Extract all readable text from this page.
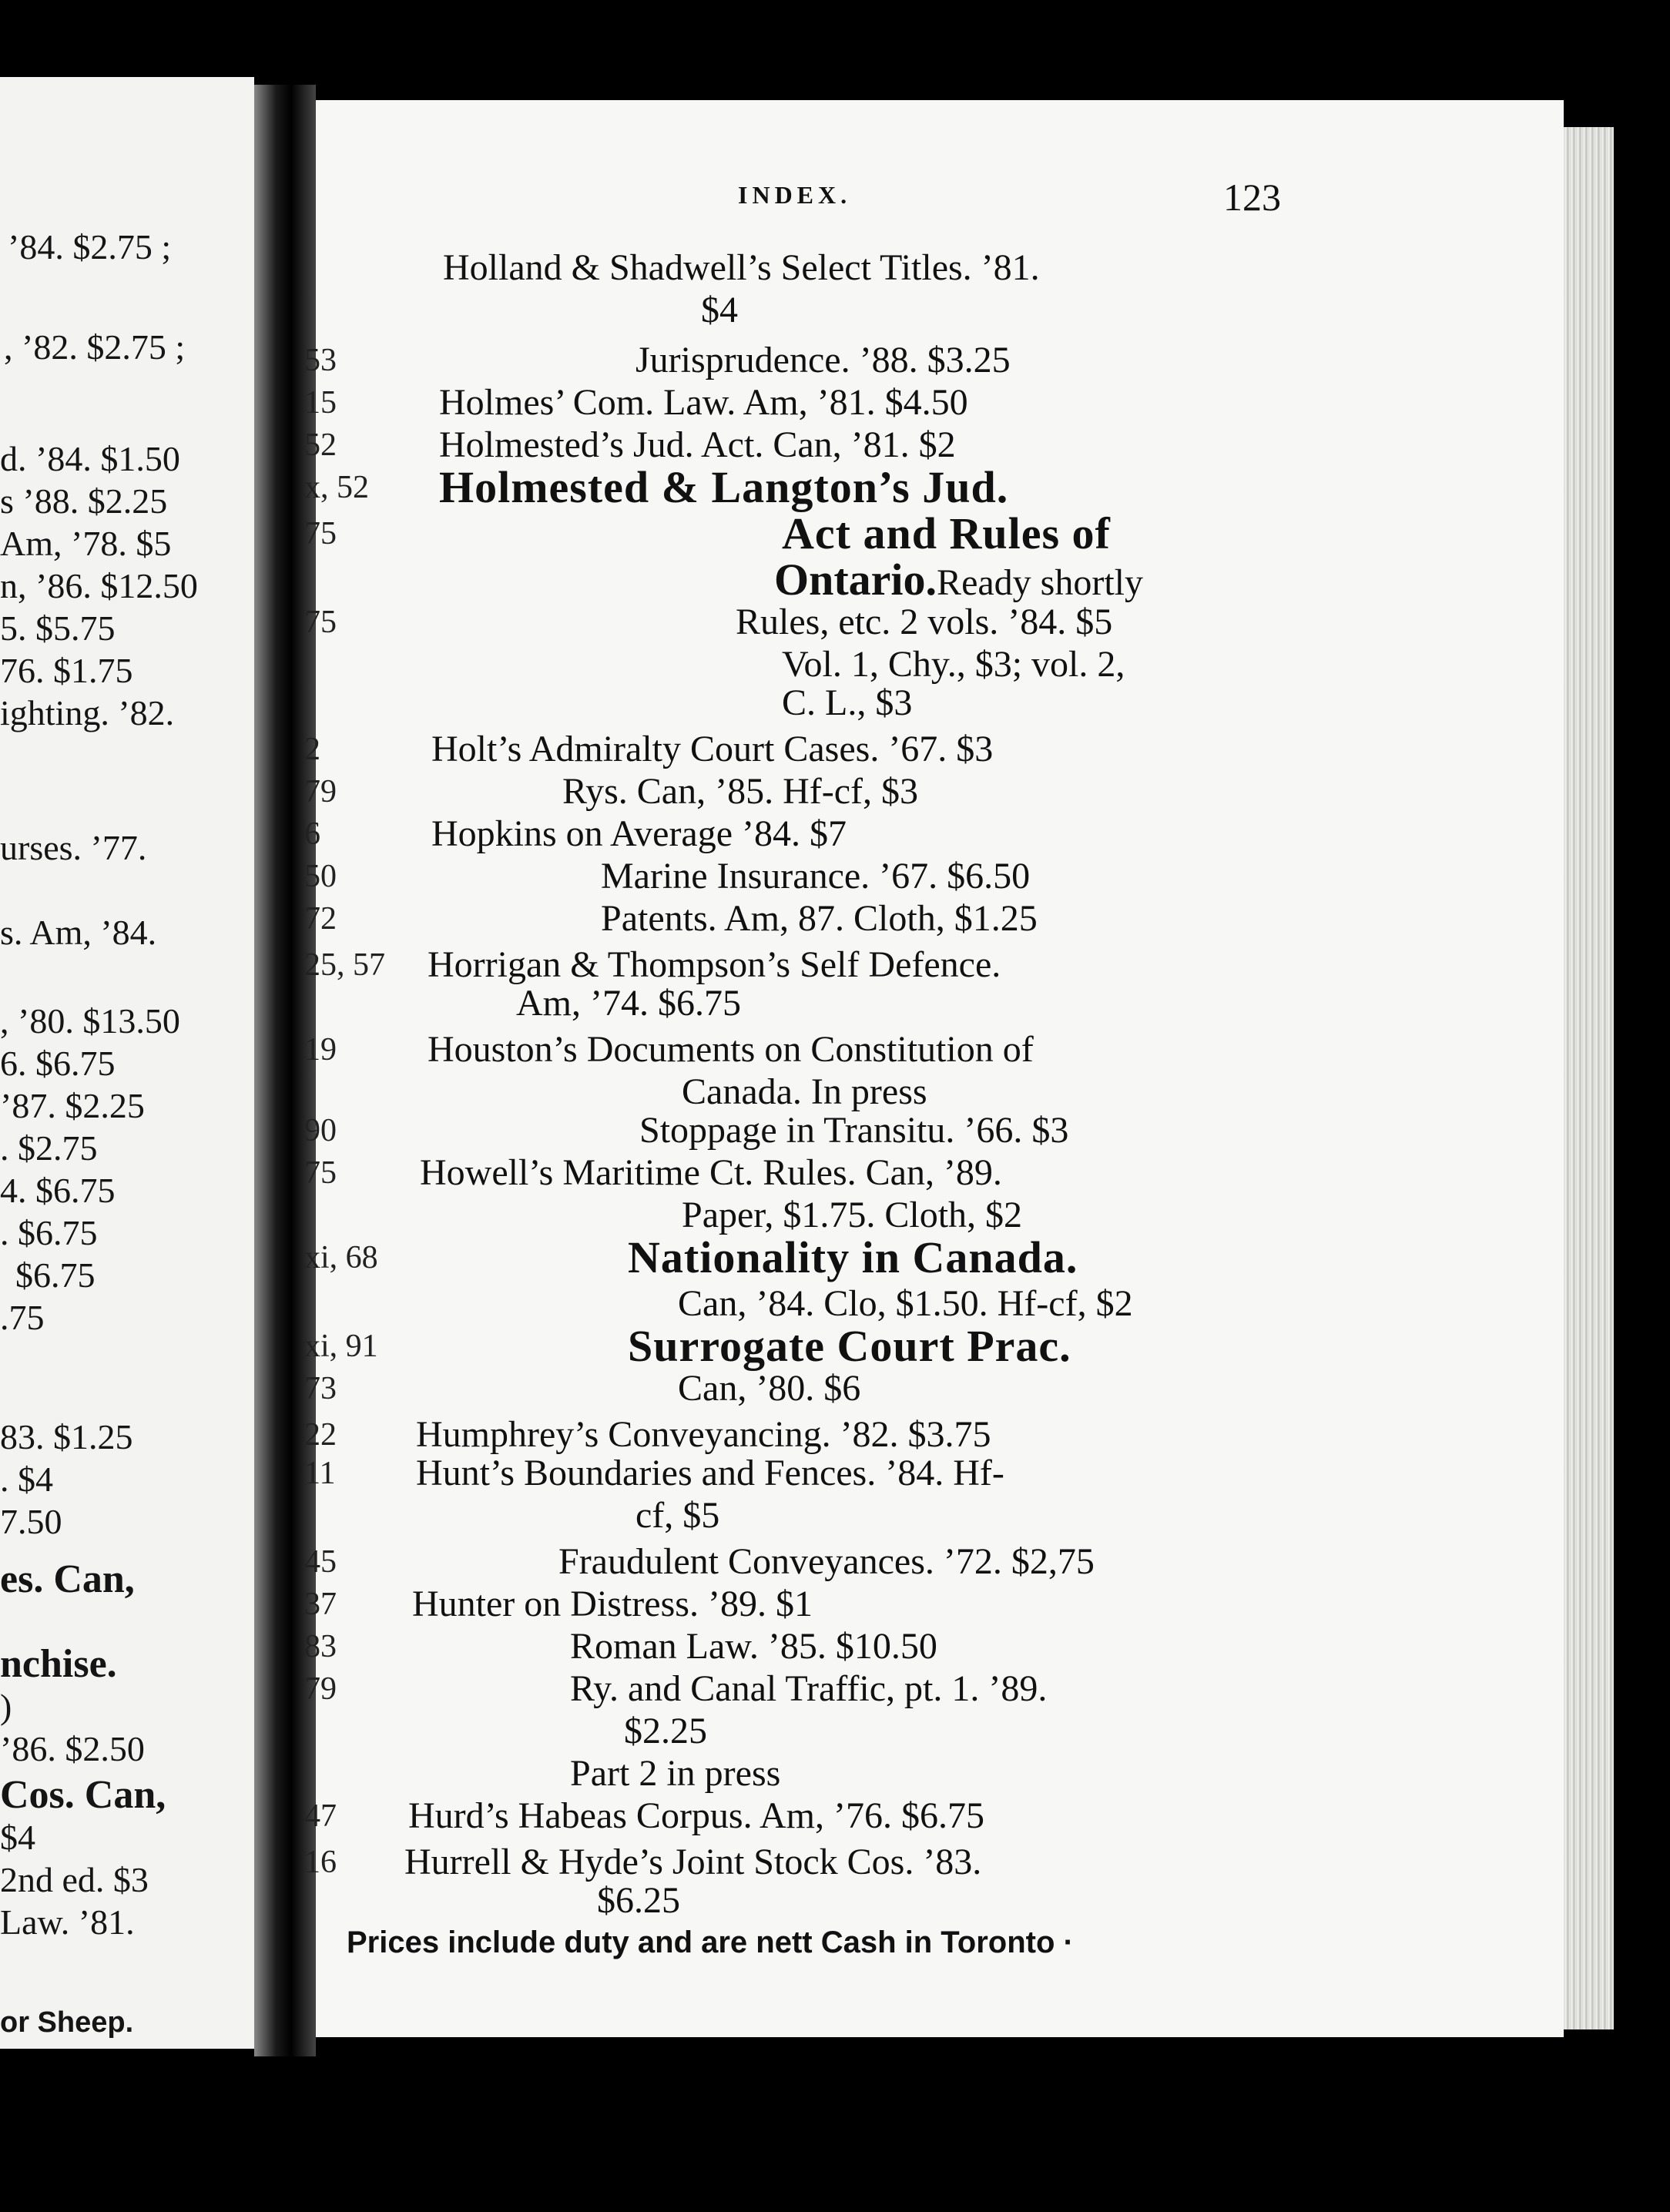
’84. $2.75 ;
, ’82. $2.75 ;
d. ’84. $1.50
s ’88. $2.25
Am, ’78. $5
n, ’86. $12.50
5. $5.75
76. $1.75
ighting. ’82.
urses. ’77.
s. Am, ’84.
, ’80. $13.50
6. $6.75
’87. $2.25
. $2.75
4. $6.75
. $6.75
$6.75
.75
83. $1.25
. $4
7.50
es. Can,
nchise.
)
’86. $2.50
Cos. Can,
$4
2nd ed. $3
Law. ’81.
or Sheep.
INDEX.	123
Holland & Shadwell’s Select Titles. ’81.
$4
53	Jurisprudence. ’88. $3.25
15	Holmes’ Com. Law. Am, ’81. $4.50
52	Holmested’s Jud. Act. Can, ’81. $2
x, 52 Holmested & Langton’s Jud.
75	Act and Rules of
Ontario.Ready shortly
75	Rules, etc. 2 vols. ’84. $5
Vol. 1, Chy., $3; vol. 2,
C. L., $3
2	Holt’s Admiralty Court Cases. ’67. $3
79	Rys. Can, ’85. Hf-cf, $3
6	Hopkins on Average ’84. $7
50	Marine Insurance. ’67. $6.50
72	Patents. Am, 87. Cloth, $1.25
25, 57 Horrigan & Thompson’s Self Defence.
Am, ’74. $6.75
19 Houston’s Documents on Constitution of
Canada. In press
90	Stoppage in Transitu. ’66. $3
75 Howell’s Maritime Ct. Rules. Can, ’89.
Paper, $1.75. Cloth, $2
xi, 68	Nationality in Canada.
Can, ’84. Clo, $1.50. Hf-cf, $2
xi, 91	Surrogate Court Prac.
73	Can, ’80. $6
22 Humphrey’s Conveyancing. ’82. $3.75
11 Hunt’s Boundaries and Fences. ’84. Hf-
cf, $5
45	Fraudulent Conveyances. ’72. $2,75
37 Hunter on Distress. ’89. $1
83	Roman Law. ’85. $10.50
79	Ry. and Canal Traffic, pt. 1. ’89.
$2.25
Part 2 in press
47 Hurd’s Habeas Corpus. Am, ’76. $6.75
16 Hurrell & Hyde’s Joint Stock Cos. ’83.
$6.25
Prices include duty and are nett Cash in Toronto ·
